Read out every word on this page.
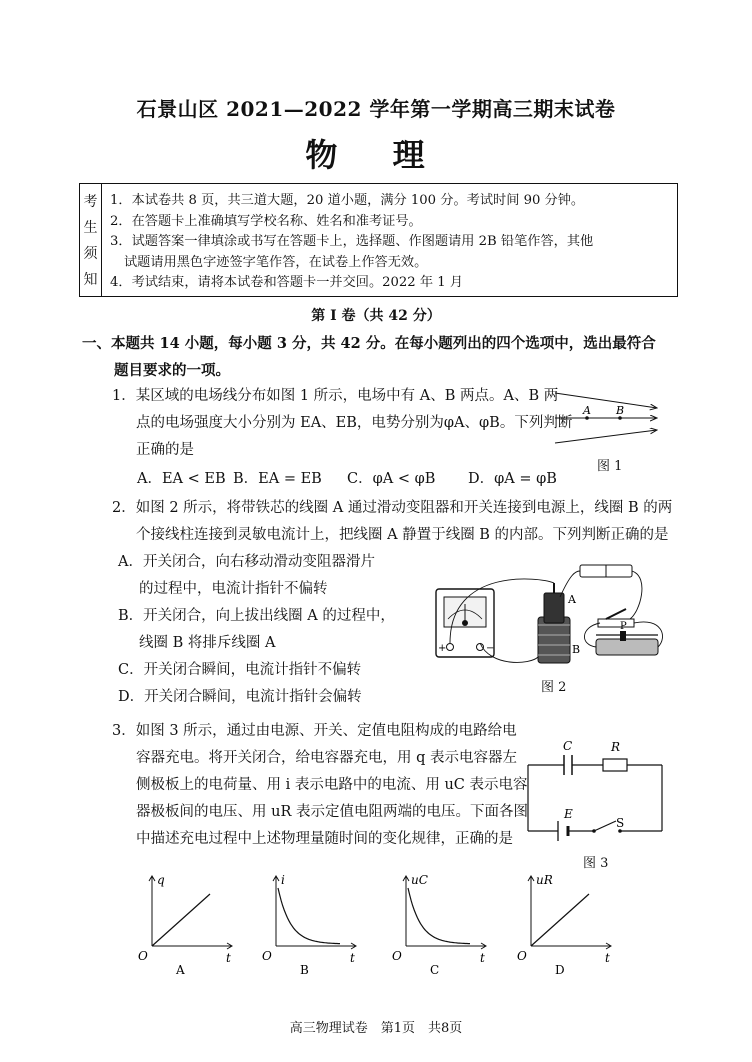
石景山区 2021—2022 学年第一学期高三期末试卷
物 理
考
生
须
知
1．本试卷共 8 页，共三道大题，20 道小题，满分 100 分。考试时间 90 分钟。
2．在答题卡上准确填写学校名称、姓名和准考证号。
3．试题答案一律填涂或书写在答题卡上，选择题、作图题请用 2B 铅笔作答，其他
试题请用黑色字迹签字笔作答，在试卷上作答无效。
4．考试结束，请将本试卷和答题卡一并交回。2022 年 1 月
第 Ⅰ 卷（共 42 分）
一、本题共 14 小题，每小题 3 分，共 42 分。在每小题列出的四个选项中，选出最符合
题目要求的一项。
1．某区域的电场线分布如图 1 所示，电场中有 A、B 两点。A、B 两
点的电场强度大小分别为 EA、EB，电势分别为φA、φB。下列判断
正确的是
A．EA < EB B．EA = EB C．φA < φB D．φA = φB
A B
图 1
2．如图 2 所示，将带铁芯的线圈 A 通过滑动变阻器和开关连接到电源上，线圈 B 的两
个接线柱连接到灵敏电流计上，把线圈 A 静置于线圈 B 的内部。下列判断正确的是
A．开关闭合，向右移动滑动变阻器滑片
的过程中，电流计指针不偏转
B．开关闭合，向上拔出线圈 A 的过程中，
线圈 B 将排斥线圈 A
C．开关闭合瞬间，电流计指针不偏转
D．开关闭合瞬间，电流计指针会偏转
+	−
A
B
P
图 2
3．如图 3 所示，通过由电源、开关、定值电阻构成的电路给电
容器充电。将开关闭合，给电容器充电，用 q 表示电容器左
侧极板上的电荷量、用 i 表示电路中的电流、用 uC 表示电容
器极板间的电压、用 uR 表示定值电阻两端的电压。下面各图
中描述充电过程中上述物理量随时间的变化规律，正确的是
C	R
E
S
图 3
q
O	t
A
i
O	t
B
uC
O	t
C
uR
O	t
D
高三物理试卷　第1页　共8页
